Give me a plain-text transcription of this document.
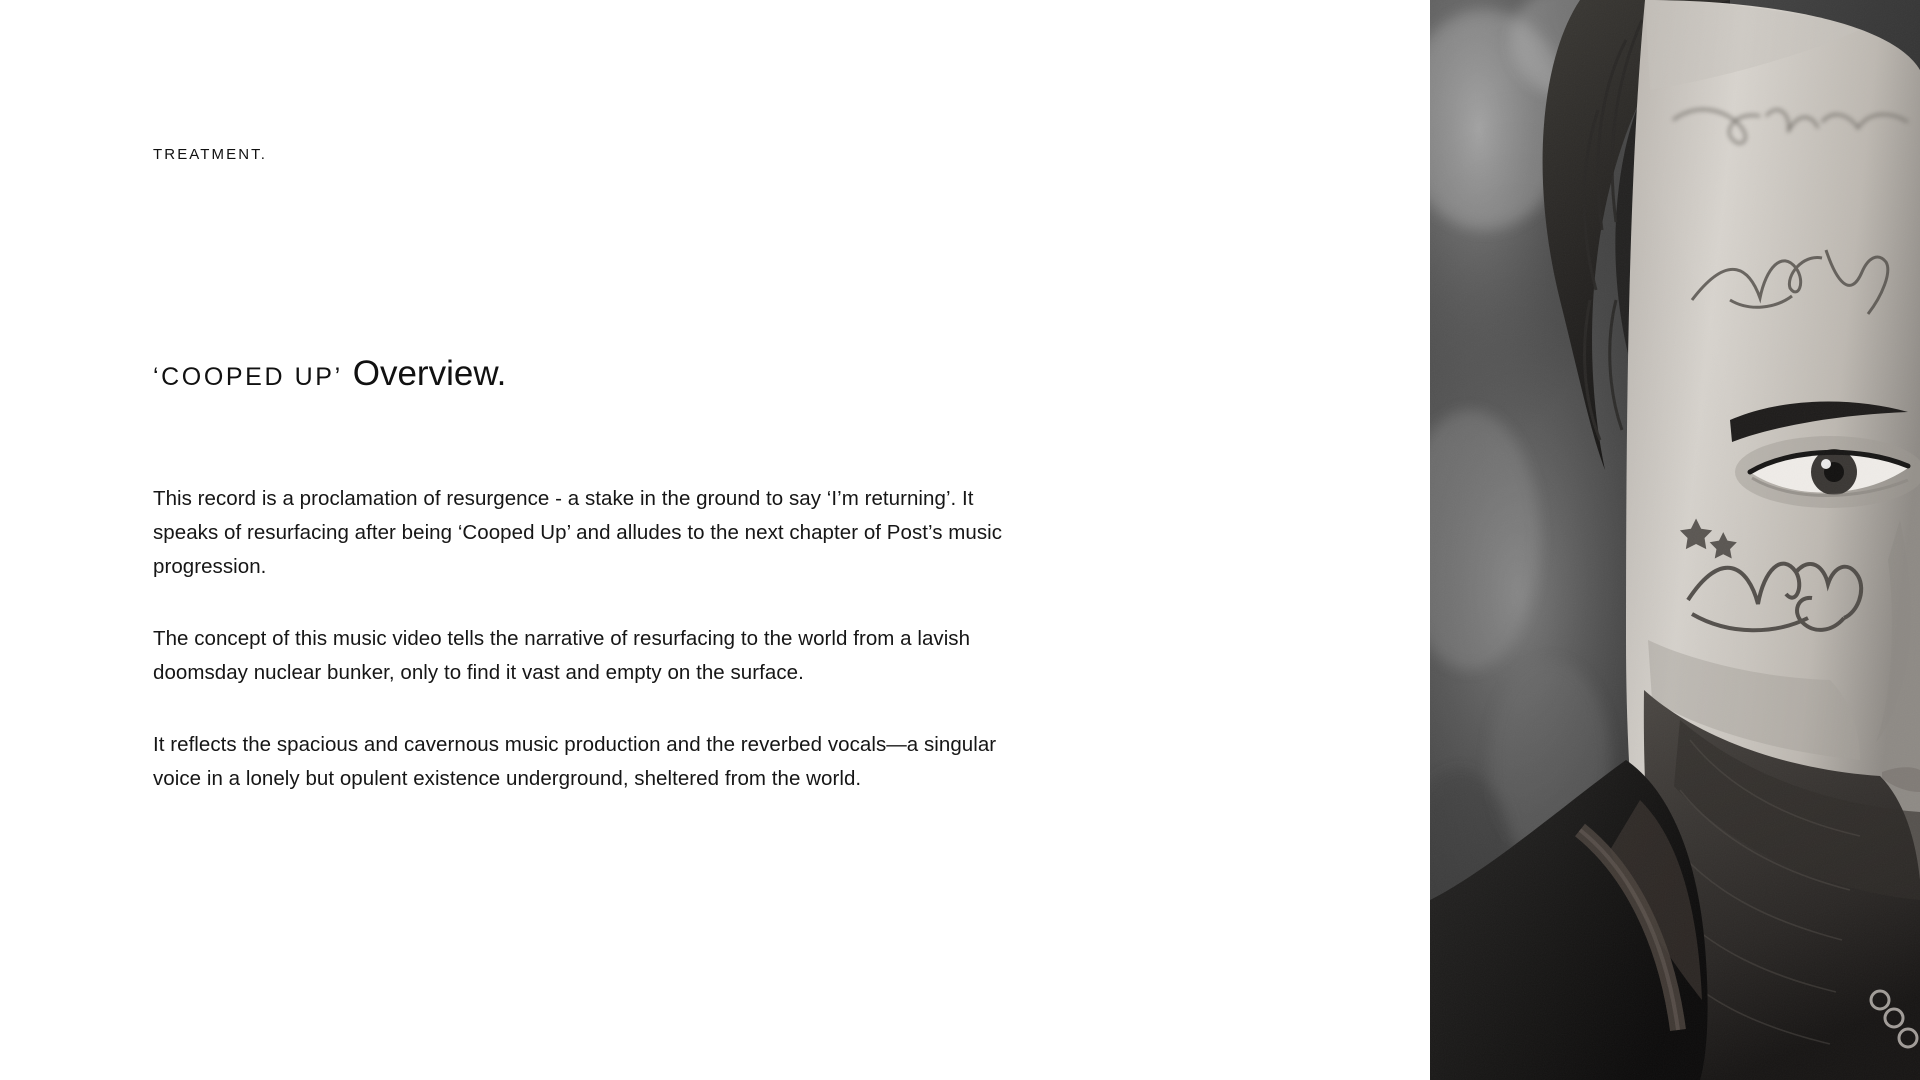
TREATMENT.
‘COOPED UP’ Overview.

This record is a proclamation of resurgence - a stake in the ground to say ‘I’m returning’. It speaks of resurfacing after being ‘Cooped Up’ and alludes to the next chapter of Post’s music progression.

The concept of this music video tells the narrative of resurfacing to the world from a lavish doomsday nuclear bunker, only to find it vast and empty on the surface.

It reflects the spacious and cavernous music production and the reverbed vocals—a singular voice in a lonely but opulent existence underground, sheltered from the world.
